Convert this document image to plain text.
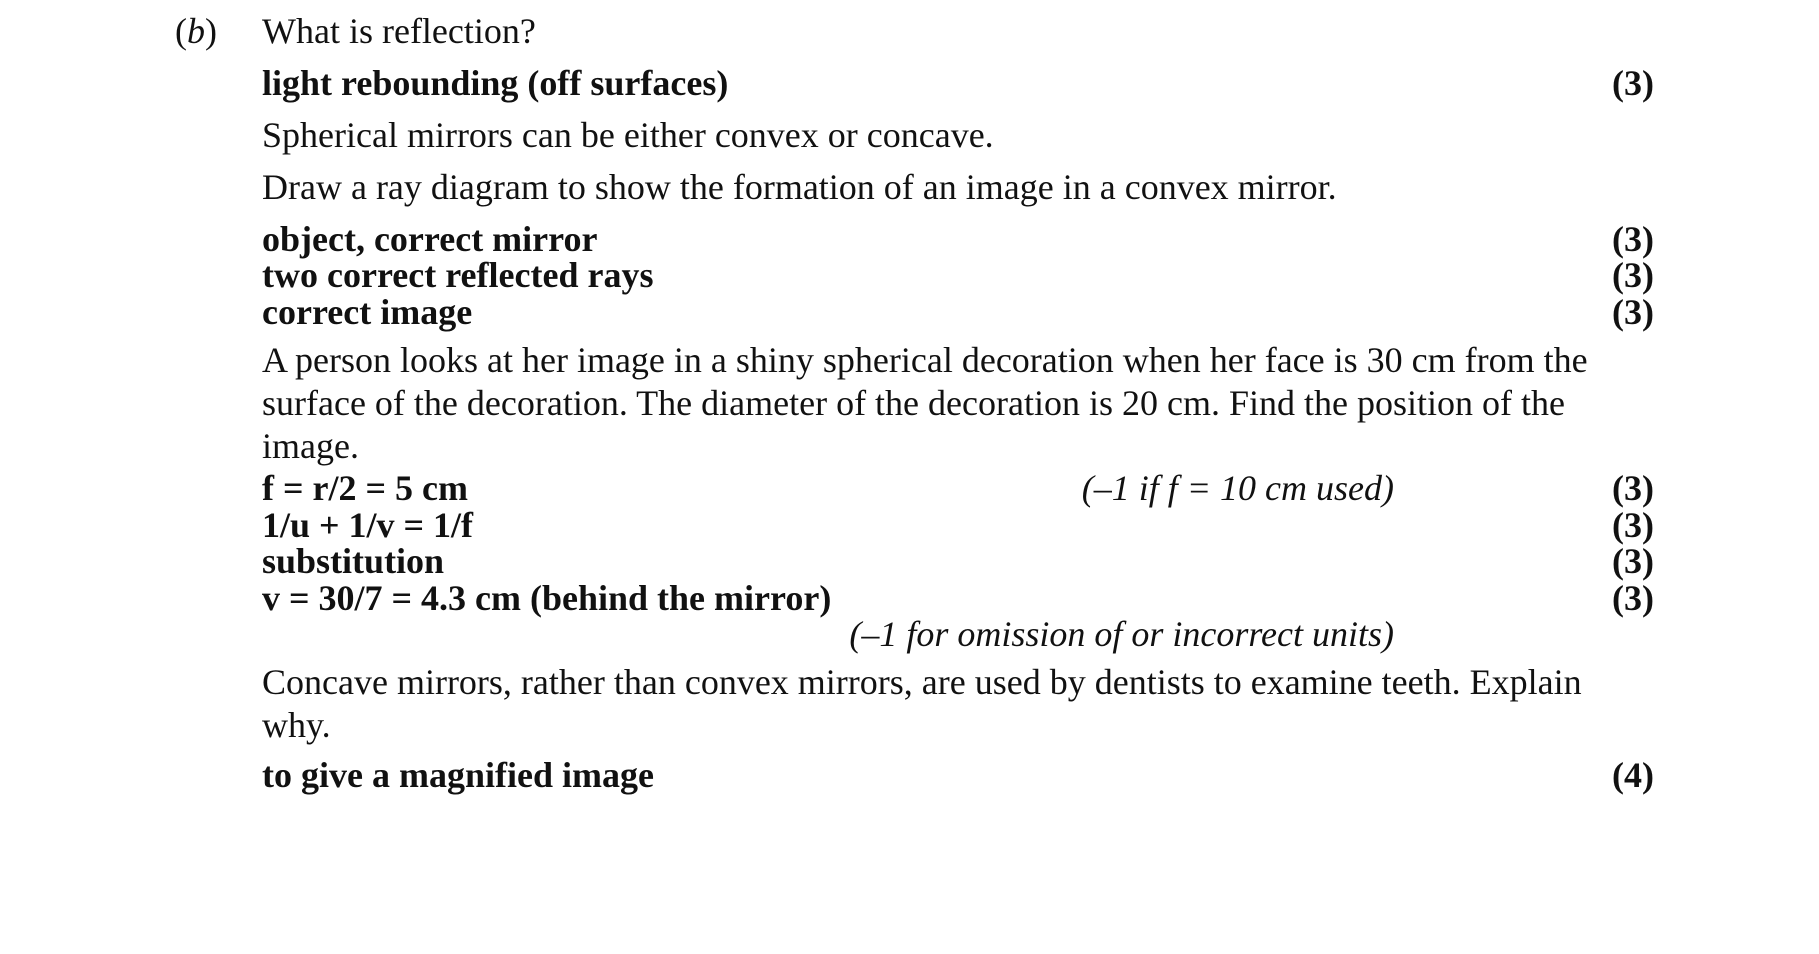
(b) What is reflection?
light rebounding (off surfaces)	(3)
Spherical mirrors can be either convex or concave.
Draw a ray diagram to show the formation of an image in a convex mirror.
object, correct mirror	(3)
two correct reflected rays	(3)
correct image	(3)
A person looks at her image in a shiny spherical decoration when her face is 30 cm from the surface of the decoration. The diameter of the decoration is 20 cm. Find the position of the image.
f = r/2 = 5 cm	(–1 if f = 10 cm used)	(3)
1/u + 1/v = 1/f	(3)
substitution	(3)
v = 30/7 = 4.3 cm (behind the mirror)	(3)
(–1 for omission of or incorrect units)
Concave mirrors, rather than convex mirrors, are used by dentists to examine teeth. Explain why.
to give a magnified image	(4)
